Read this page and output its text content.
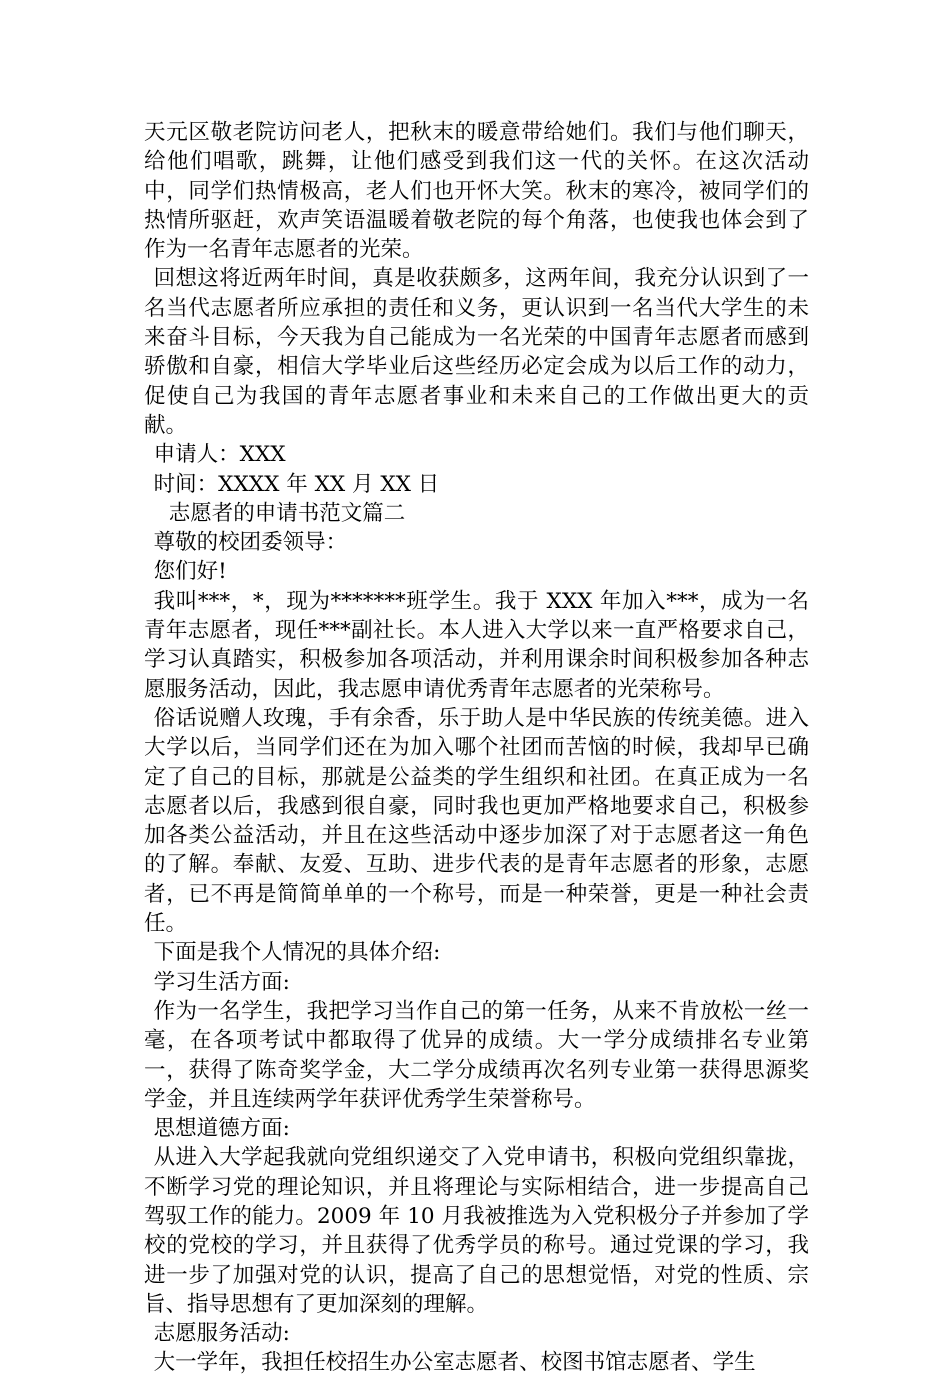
天元区敬老院访问老人，把秋末的暖意带给她们。我们与他们聊天，给他们唱歌，跳舞，让他们感受到我们这一代的关怀。在这次活动中，同学们热情极高，老人们也开怀大笑。秋末的寒冷，被同学们的热情所驱赶，欢声笑语温暖着敬老院的每个角落，也使我也体会到了作为一名青年志愿者的光荣。

回想这将近两年时间，真是收获颇多，这两年间，我充分认识到了一名当代志愿者所应承担的责任和义务，更认识到一名当代大学生的未来奋斗目标，今天我为自己能成为一名光荣的中国青年志愿者而感到骄傲和自豪，相信大学毕业后这些经历必定会成为以后工作的动力，促使自己为我国的青年志愿者事业和未来自己的工作做出更大的贡献。

申请人：XXX

时间：XXXX 年 XX 月 XX 日

志愿者的申请书范文篇二

尊敬的校团委领导：

您们好!

我叫***，*，现为*******班学生。我于 XXX 年加入***，成为一名青年志愿者，现任***副社长。本人进入大学以来一直严格要求自己，学习认真踏实，积极参加各项活动，并利用课余时间积极参加各种志愿服务活动，因此，我志愿申请优秀青年志愿者的光荣称号。

俗话说赠人玫瑰，手有余香，乐于助人是中华民族的传统美德。进入大学以后，当同学们还在为加入哪个社团而苦恼的时候，我却早已确定了自己的目标，那就是公益类的学生组织和社团。在真正成为一名志愿者以后，我感到很自豪，同时我也更加严格地要求自己，积极参加各类公益活动，并且在这些活动中逐步加深了对于志愿者这一角色的了解。奉献、友爱、互助、进步代表的是青年志愿者的形象，志愿者，已不再是简简单单的一个称号，而是一种荣誉，更是一种社会责任。

下面是我个人情况的具体介绍:

学习生活方面:

作为一名学生，我把学习当作自己的第一任务，从来不肯放松一丝一毫，在各项考试中都取得了优异的成绩。大一学分成绩排名专业第一，获得了陈奇奖学金，大二学分成绩再次名列专业第一获得思源奖学金，并且连续两学年获评优秀学生荣誉称号。

思想道德方面:

从进入大学起我就向党组织递交了入党申请书，积极向党组织靠拢，不断学习党的理论知识，并且将理论与实际相结合，进一步提高自己驾驭工作的能力。2009 年 10 月我被推选为入党积极分子并参加了学校的党校的学习，并且获得了优秀学员的称号。通过党课的学习，我进一步了加强对党的认识，提高了自己的思想觉悟，对党的性质、宗旨、指导思想有了更加深刻的理解。

志愿服务活动:

大一学年，我担任校招生办公室志愿者、校图书馆志愿者、学生
